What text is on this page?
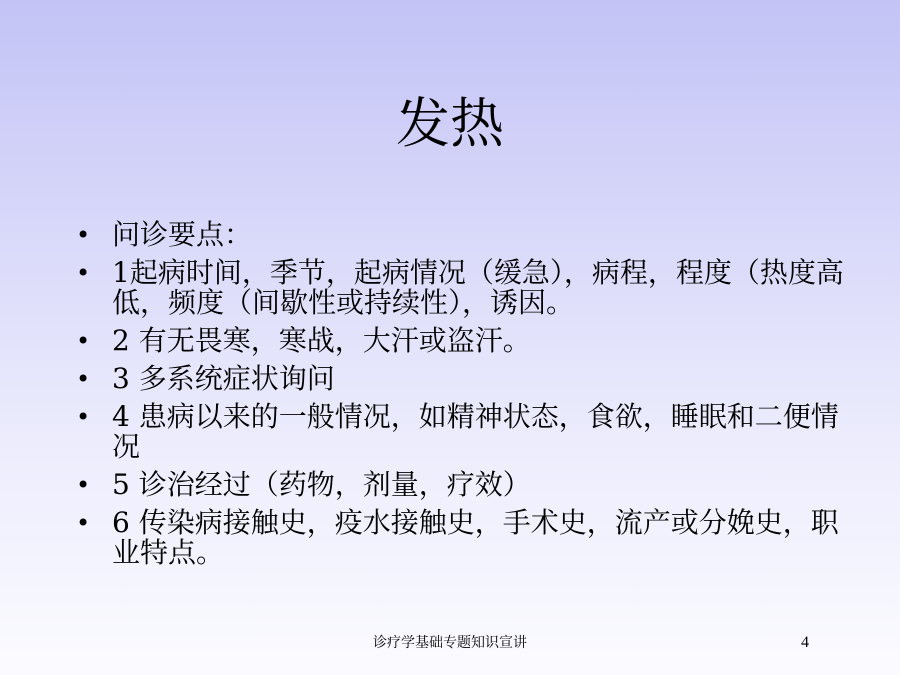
发热
• 问诊要点：
• 1起病时间，季节，起病情况（缓急），病程，程度（热度高低，频度（间歇性或持续性），诱因。
• 2 有无畏寒，寒战，大汗或盗汗。
• 3 多系统症状询问
• 4 患病以来的一般情况，如精神状态，食欲，睡眠和二便情况
• 5 诊治经过（药物，剂量，疗效）
• 6 传染病接触史，疫水接触史，手术史，流产或分娩史，职业特点。
诊疗学基础专题知识宣讲	4
